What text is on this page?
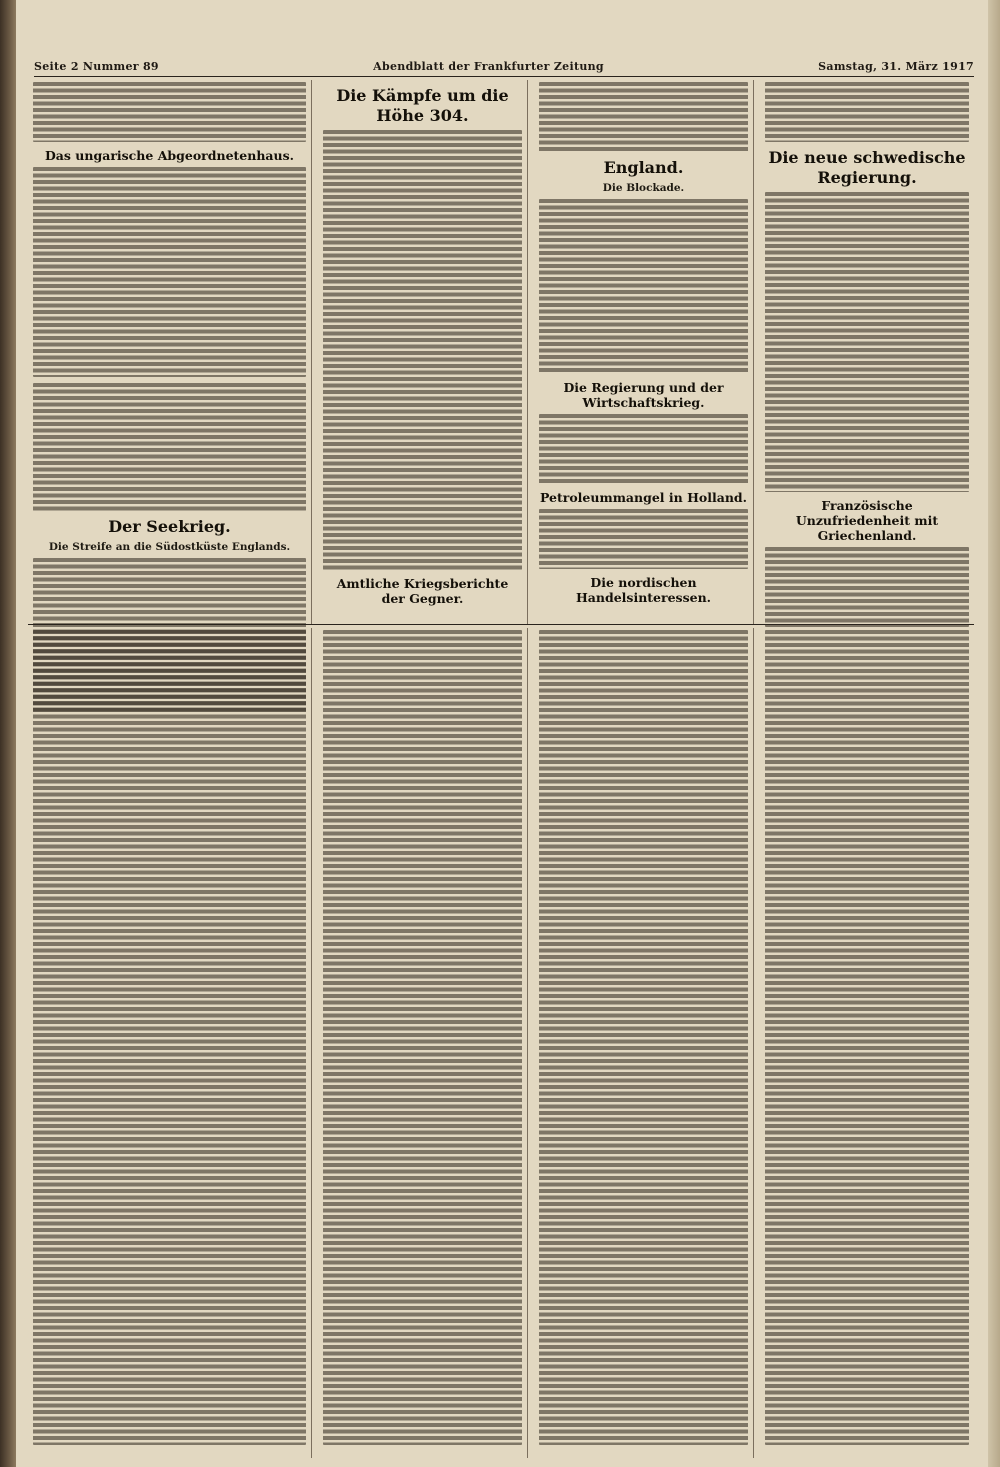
Seite 2 Nummer 89	Abendblatt der Frankfurter Zeitung	Samstag, 31. März 1917
Das ungarische Abgeordnetenhaus.
Der Seekrieg.
Die Streife an die Südostküste Englands.
Die Kämpfe um die Höhe 304.
Amtliche Kriegsberichte der Gegner.
England.
Die Blockade.
Die Regierung und der Wirtschaftskrieg.
Petroleummangel in Holland.
Die nordischen Handelsinteressen.
Die neue schwedische Regierung.
Französische Unzufriedenheit mit Griechenland.
